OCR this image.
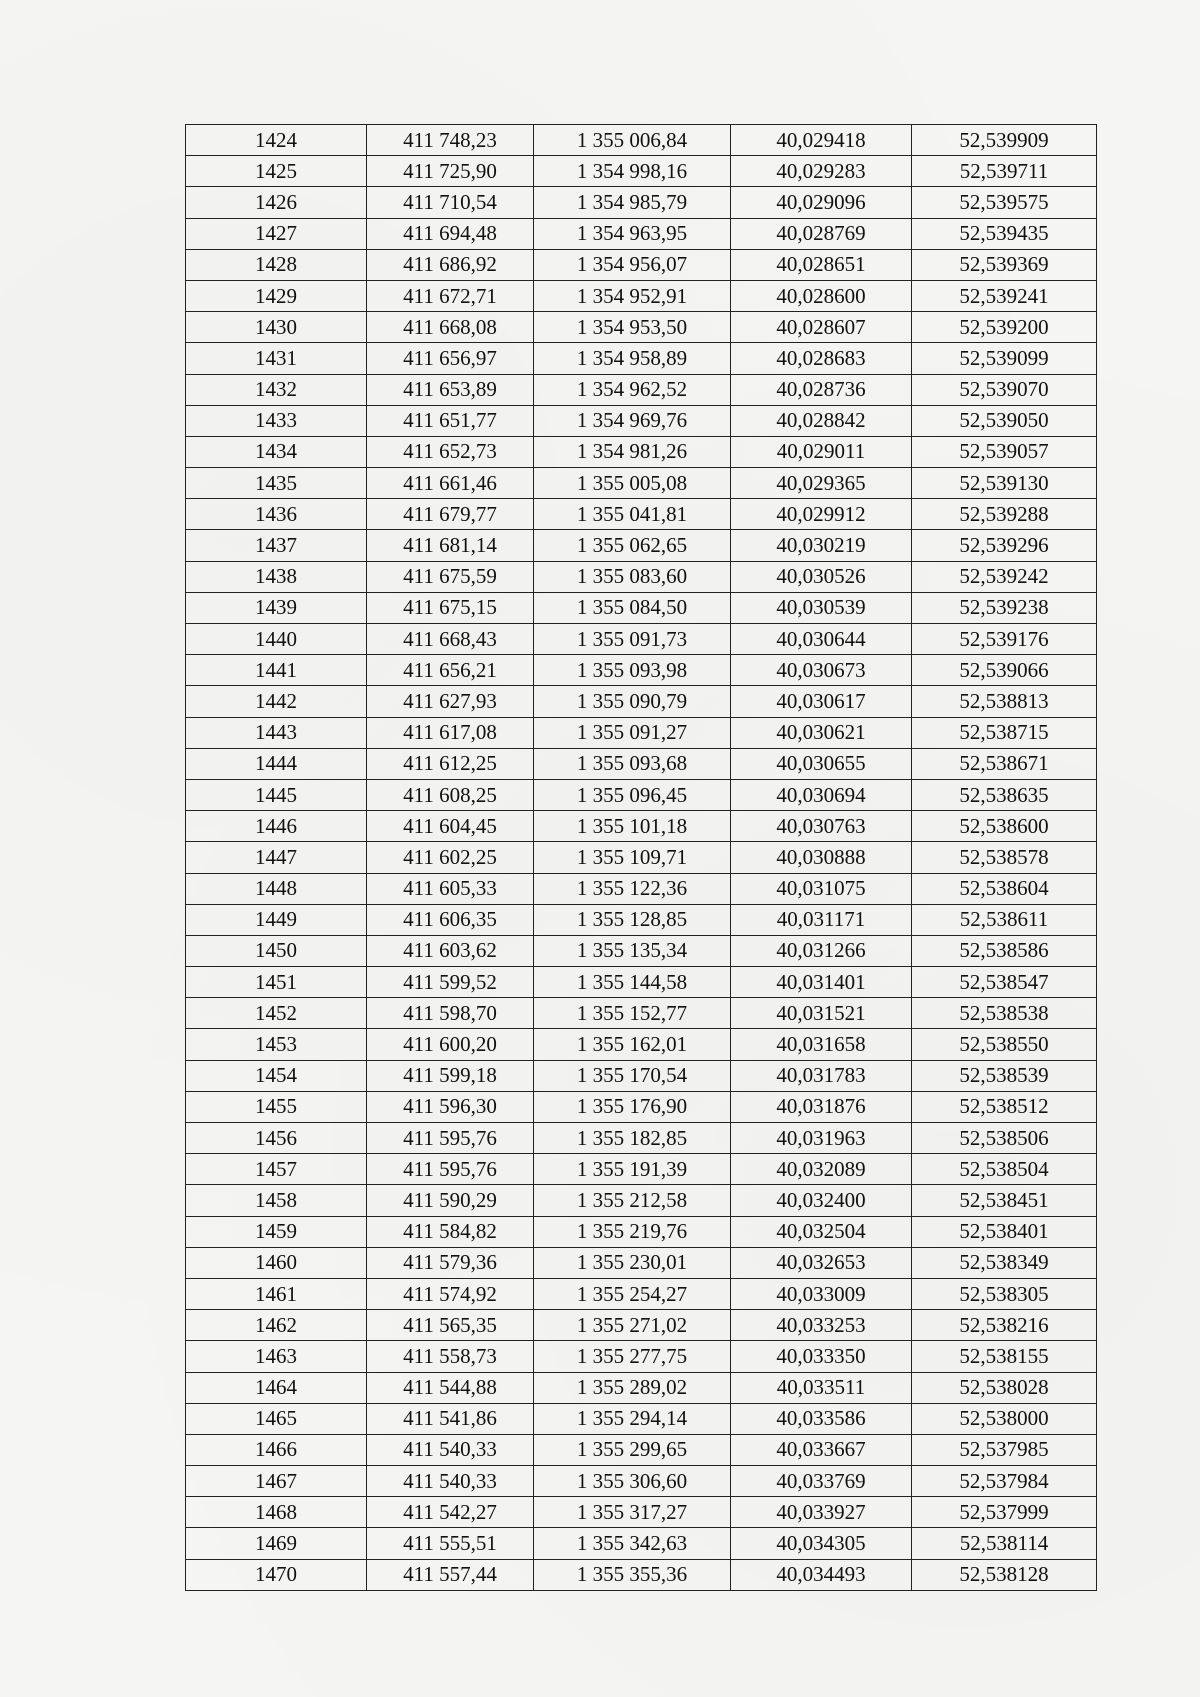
1424	411 748,23	1 355 006,84	40,029418	52,539909
1425	411 725,90	1 354 998,16	40,029283	52,539711
1426	411 710,54	1 354 985,79	40,029096	52,539575
1427	411 694,48	1 354 963,95	40,028769	52,539435
1428	411 686,92	1 354 956,07	40,028651	52,539369
1429	411 672,71	1 354 952,91	40,028600	52,539241
1430	411 668,08	1 354 953,50	40,028607	52,539200
1431	411 656,97	1 354 958,89	40,028683	52,539099
1432	411 653,89	1 354 962,52	40,028736	52,539070
1433	411 651,77	1 354 969,76	40,028842	52,539050
1434	411 652,73	1 354 981,26	40,029011	52,539057
1435	411 661,46	1 355 005,08	40,029365	52,539130
1436	411 679,77	1 355 041,81	40,029912	52,539288
1437	411 681,14	1 355 062,65	40,030219	52,539296
1438	411 675,59	1 355 083,60	40,030526	52,539242
1439	411 675,15	1 355 084,50	40,030539	52,539238
1440	411 668,43	1 355 091,73	40,030644	52,539176
1441	411 656,21	1 355 093,98	40,030673	52,539066
1442	411 627,93	1 355 090,79	40,030617	52,538813
1443	411 617,08	1 355 091,27	40,030621	52,538715
1444	411 612,25	1 355 093,68	40,030655	52,538671
1445	411 608,25	1 355 096,45	40,030694	52,538635
1446	411 604,45	1 355 101,18	40,030763	52,538600
1447	411 602,25	1 355 109,71	40,030888	52,538578
1448	411 605,33	1 355 122,36	40,031075	52,538604
1449	411 606,35	1 355 128,85	40,031171	52,538611
1450	411 603,62	1 355 135,34	40,031266	52,538586
1451	411 599,52	1 355 144,58	40,031401	52,538547
1452	411 598,70	1 355 152,77	40,031521	52,538538
1453	411 600,20	1 355 162,01	40,031658	52,538550
1454	411 599,18	1 355 170,54	40,031783	52,538539
1455	411 596,30	1 355 176,90	40,031876	52,538512
1456	411 595,76	1 355 182,85	40,031963	52,538506
1457	411 595,76	1 355 191,39	40,032089	52,538504
1458	411 590,29	1 355 212,58	40,032400	52,538451
1459	411 584,82	1 355 219,76	40,032504	52,538401
1460	411 579,36	1 355 230,01	40,032653	52,538349
1461	411 574,92	1 355 254,27	40,033009	52,538305
1462	411 565,35	1 355 271,02	40,033253	52,538216
1463	411 558,73	1 355 277,75	40,033350	52,538155
1464	411 544,88	1 355 289,02	40,033511	52,538028
1465	411 541,86	1 355 294,14	40,033586	52,538000
1466	411 540,33	1 355 299,65	40,033667	52,537985
1467	411 540,33	1 355 306,60	40,033769	52,537984
1468	411 542,27	1 355 317,27	40,033927	52,537999
1469	411 555,51	1 355 342,63	40,034305	52,538114
1470	411 557,44	1 355 355,36	40,034493	52,538128
